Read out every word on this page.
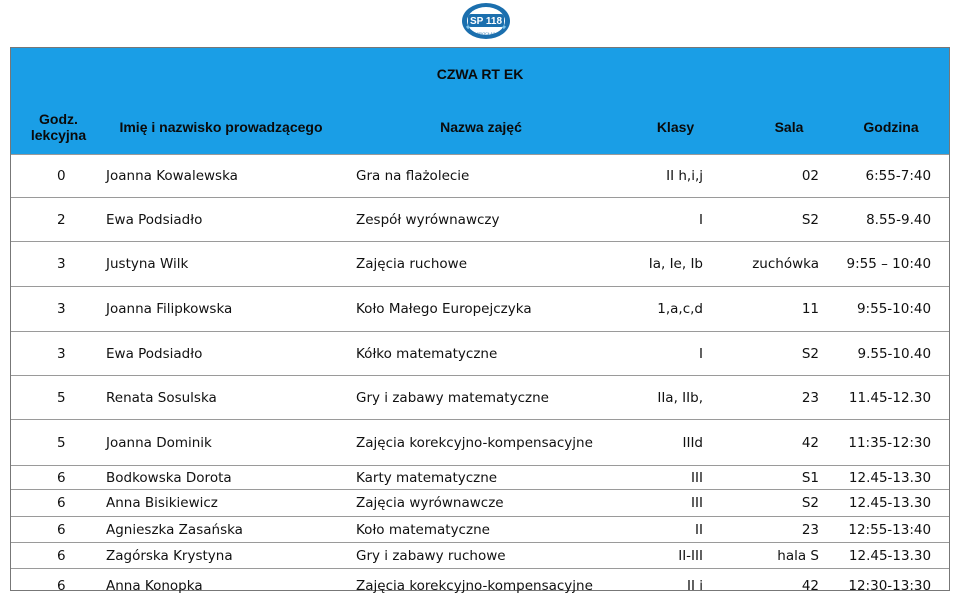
SP 118
WROCŁAW
CZWA RT EK					
Godz. lekcyjna	Imię i nazwisko prowadzącego	Nazwa zajęć	Klasy	Sala	Godzina
0	Joanna Kowalewska	Gra na flażolecie	II h,i,j	02	6:55-7:40
2	Ewa Podsiadło	Zespół wyrównawczy	I	S2	8.55-9.40
3	Justyna Wilk	Zajęcia ruchowe	Ia, Ie, Ib	zuchówka	9:55 – 10:40
3	Joanna Filipkowska	Koło Małego Europejczyka	1,a,c,d	11	9:55-10:40
3	Ewa Podsiadło	Kółko matematyczne	I	S2	9.55-10.40
5	Renata Sosulska	Gry i zabawy matematyczne	IIa, IIb,	23	11.45-12.30
5	Joanna Dominik	Zajęcia korekcyjno-kompensacyjne	IIId	42	11:35-12:30
6	Bodkowska Dorota	Karty matematyczne	III	S1	12.45-13.30
6	Anna Bisikiewicz	Zajęcia wyrównawcze	III	S2	12.45-13.30
6	Agnieszka Zasańska	Koło matematyczne	II	23	12:55-13:40
6	Zagórska Krystyna	Gry i zabawy ruchowe	II-III	hala S	12.45-13.30
6	Anna Konopka	Zajęcia korekcyjno-kompensacyjne	II i	42	12:30-13:30
